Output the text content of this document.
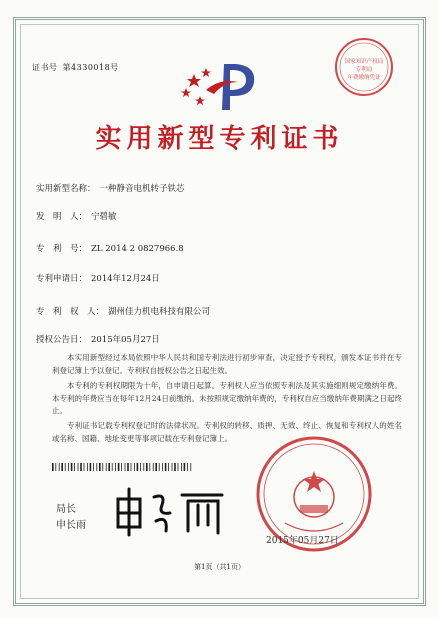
证书号 第4330018号
国家知识产权局
专利局
年费缴纳凭证
实用新型专利证书
实用新型名称： 一种静音电机转子铁芯
发　明　人： 宁碧敏
专　利　号： ZL 2014 2 0827966.8
专利申请日： 2014年12月24日
专　利　权　人： 湖州佳力机电科技有限公司
授权公告日： 2015年05月27日
本实用新型经过本局依照中华人民共和国专利法进行初步审查，决定授予专利权，颁发本证书并在专利登记簿上予以登记。专利权自授权公告之日起生效。
本专利的专利权期限为十年，自申请日起算。专利权人应当依照专利法及其实施细则规定缴纳年费。本专利的年费应当在每年12月24日前缴纳。未按照规定缴纳年费的，专利权自应当缴纳年费期满之日起终止。
专利证书记载专利权登记时的法律状况。专利权的转移、质押、无效、终止、恢复和专利权人的姓名或名称、国籍、地址变更等事项记载在专利登记簿上。
局长
申长雨
2015年05月27日
第1页（共1页）
